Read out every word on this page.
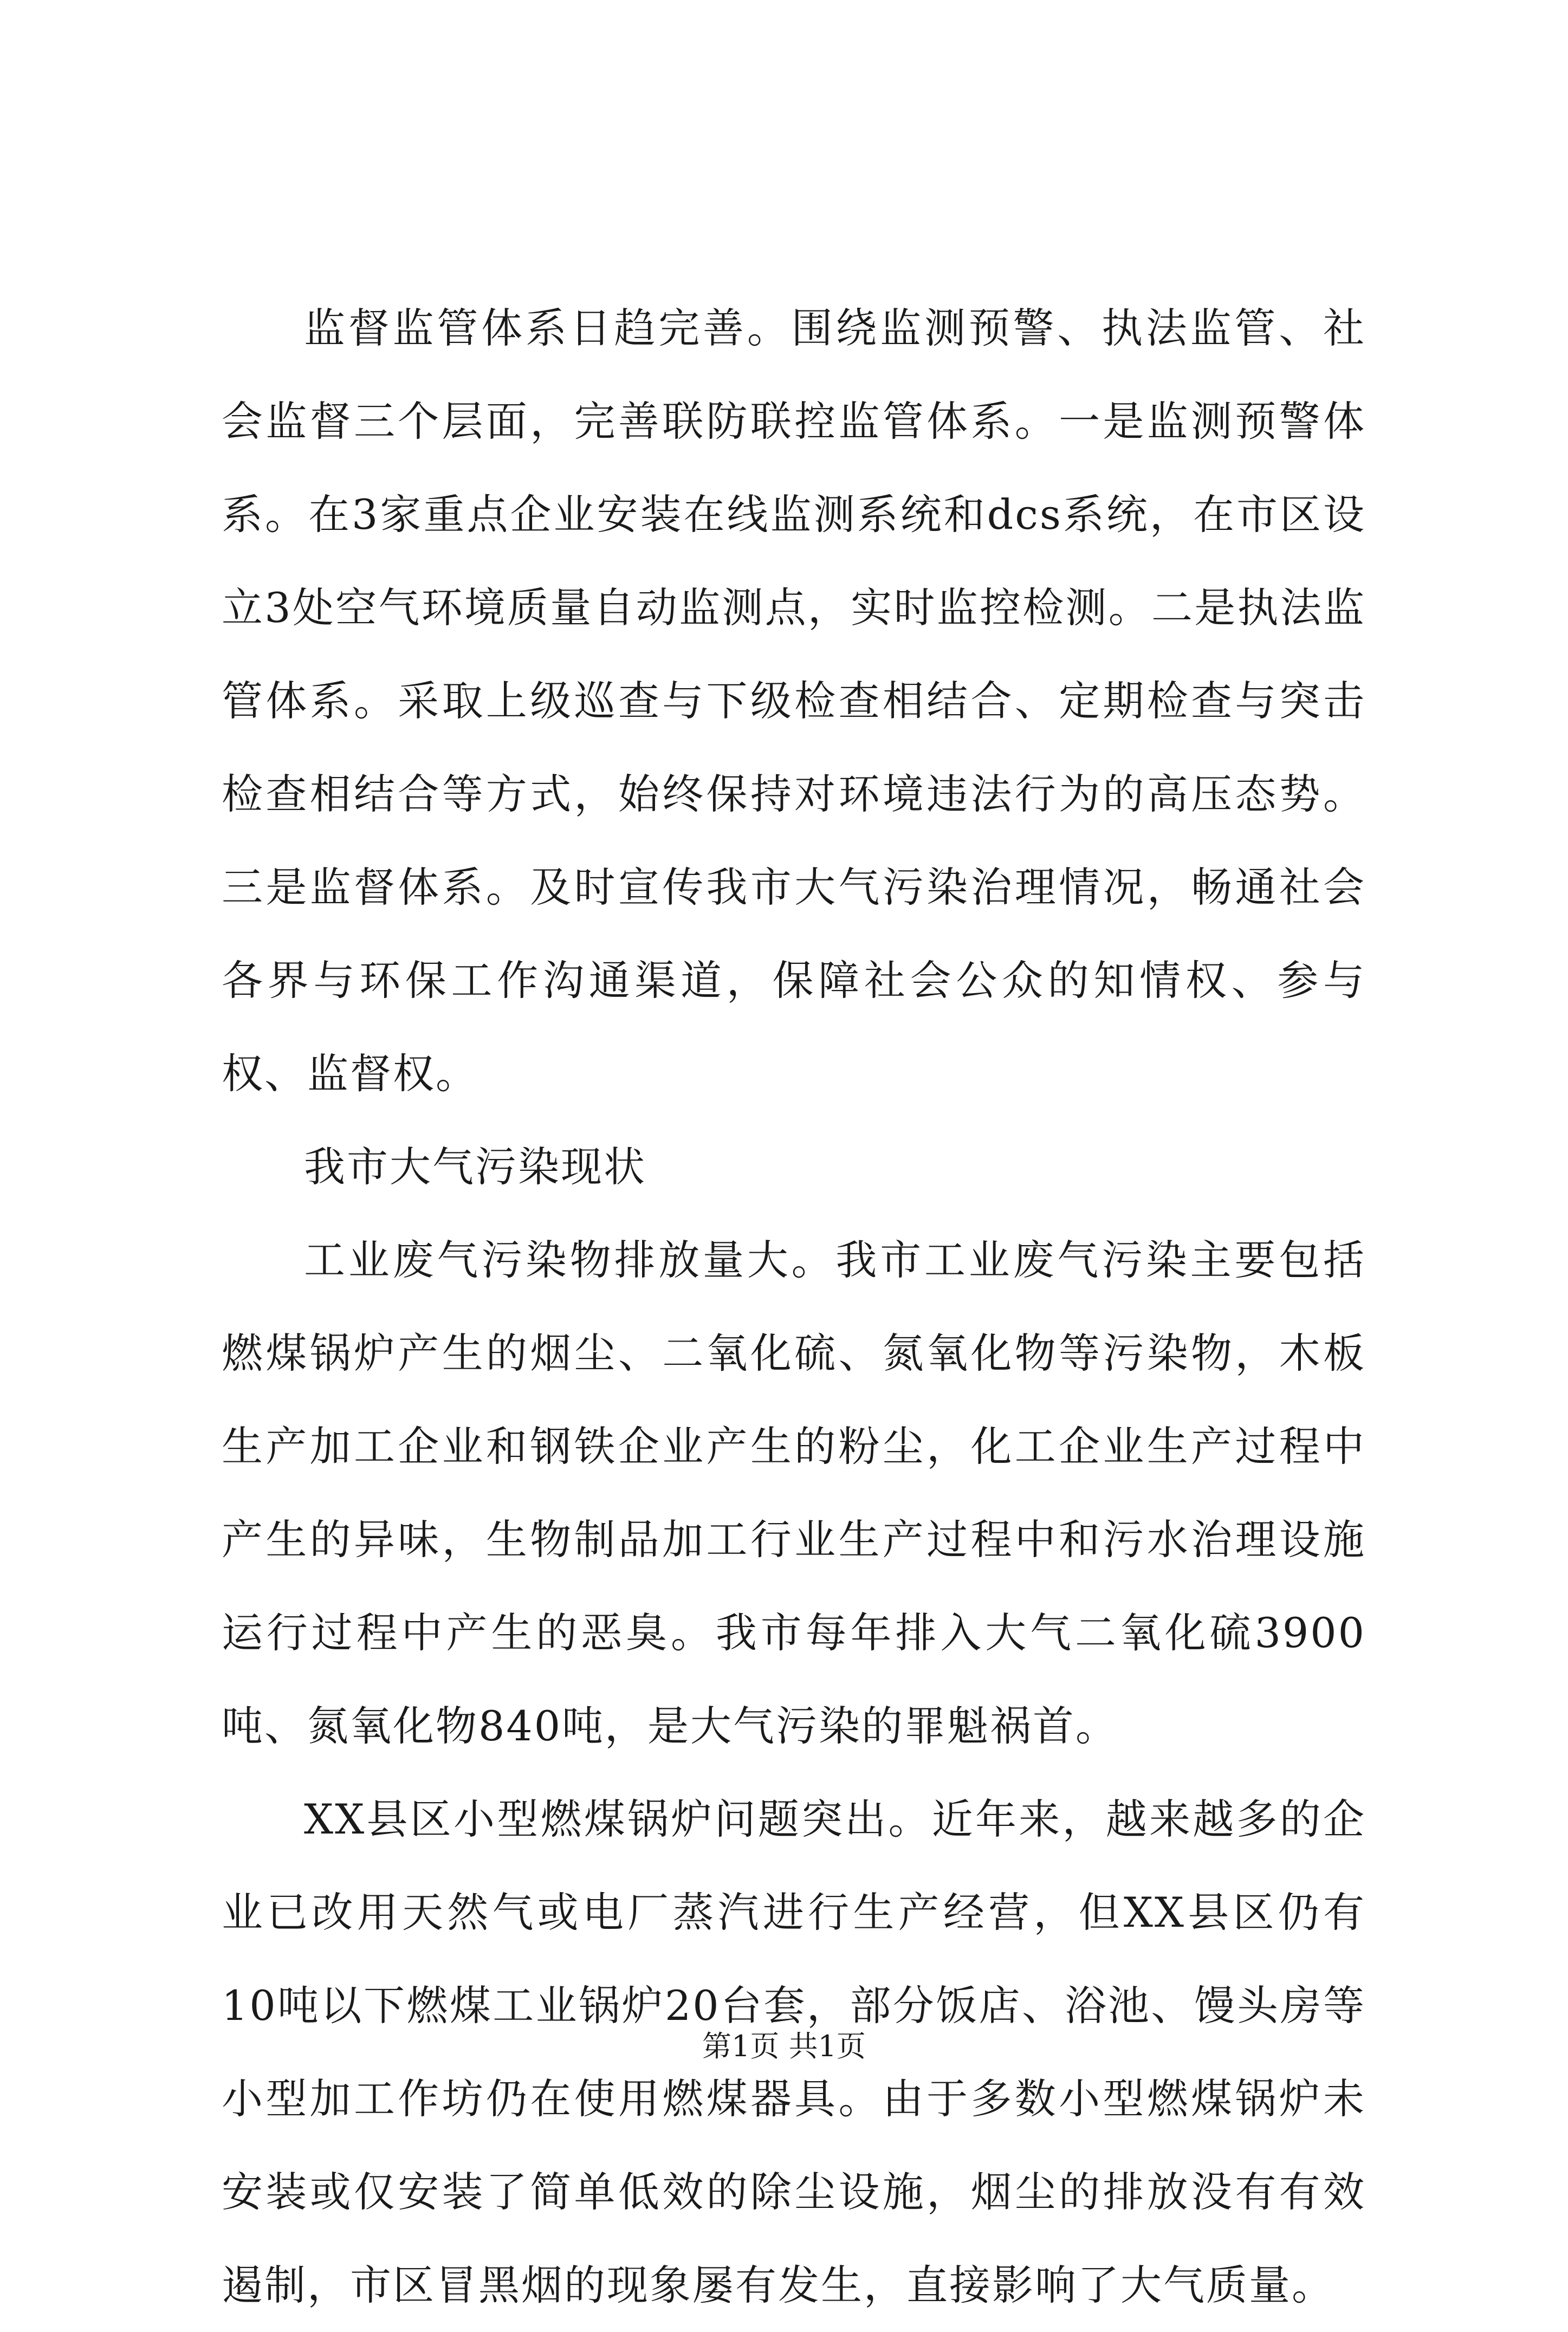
监督监管体系日趋完善。围绕监测预警、执法监管、社会监督三个层面，完善联防联控监管体系。一是监测预警体系。在3家重点企业安装在线监测系统和dcs系统，在市区设立3处空气环境质量自动监测点，实时监控检测。二是执法监管体系。采取上级巡查与下级检查相结合、定期检查与突击检查相结合等方式，始终保持对环境违法行为的高压态势。三是监督体系。及时宣传我市大气污染治理情况，畅通社会各界与环保工作沟通渠道，保障社会公众的知情权、参与权、监督权。

我市大气污染现状

工业废气污染物排放量大。我市工业废气污染主要包括燃煤锅炉产生的烟尘、二氧化硫、氮氧化物等污染物，木板生产加工企业和钢铁企业产生的粉尘，化工企业生产过程中产生的异味，生物制品加工行业生产过程中和污水治理设施运行过程中产生的恶臭。我市每年排入大气二氧化硫3900吨、氮氧化物840吨，是大气污染的罪魁祸首。

XX县区小型燃煤锅炉问题突出。近年来，越来越多的企业已改用天然气或电厂蒸汽进行生产经营，但XX县区仍有10吨以下燃煤工业锅炉20台套，部分饭店、浴池、馒头房等小型加工作坊仍在使用燃煤器具。由于多数小型燃煤锅炉未安装或仅安装了简单低效的除尘设施，烟尘的排放没有有效遏制，市区冒黑烟的现象屡有发生，直接影响了大气质量。

第1页 共1页
